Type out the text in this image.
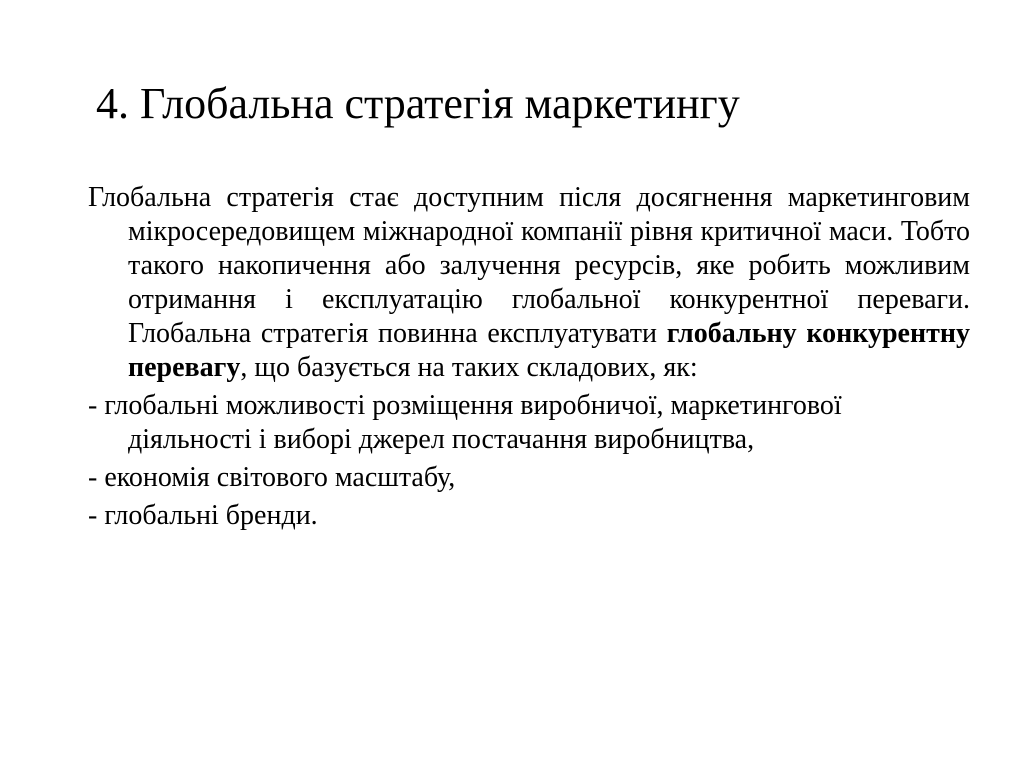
4. Глобальна стратегія маркетингу

Глобальна стратегія стає доступним після досягнення маркетинговим мікросередовищем міжнародної компанії рівня критичної маси. Тобто такого накопичення або залучення ресурсів, яке робить можливим отримання і експлуатацію глобальної конкурентної переваги. Глобальна стратегія повинна експлуатувати глобальну конкурентну перевагу, що базується на таких складових, як:

- глобальні можливості розміщення виробничої, маркетингової діяльності і виборі джерел постачання виробництва,

- економія світового масштабу,

- глобальні бренди.
